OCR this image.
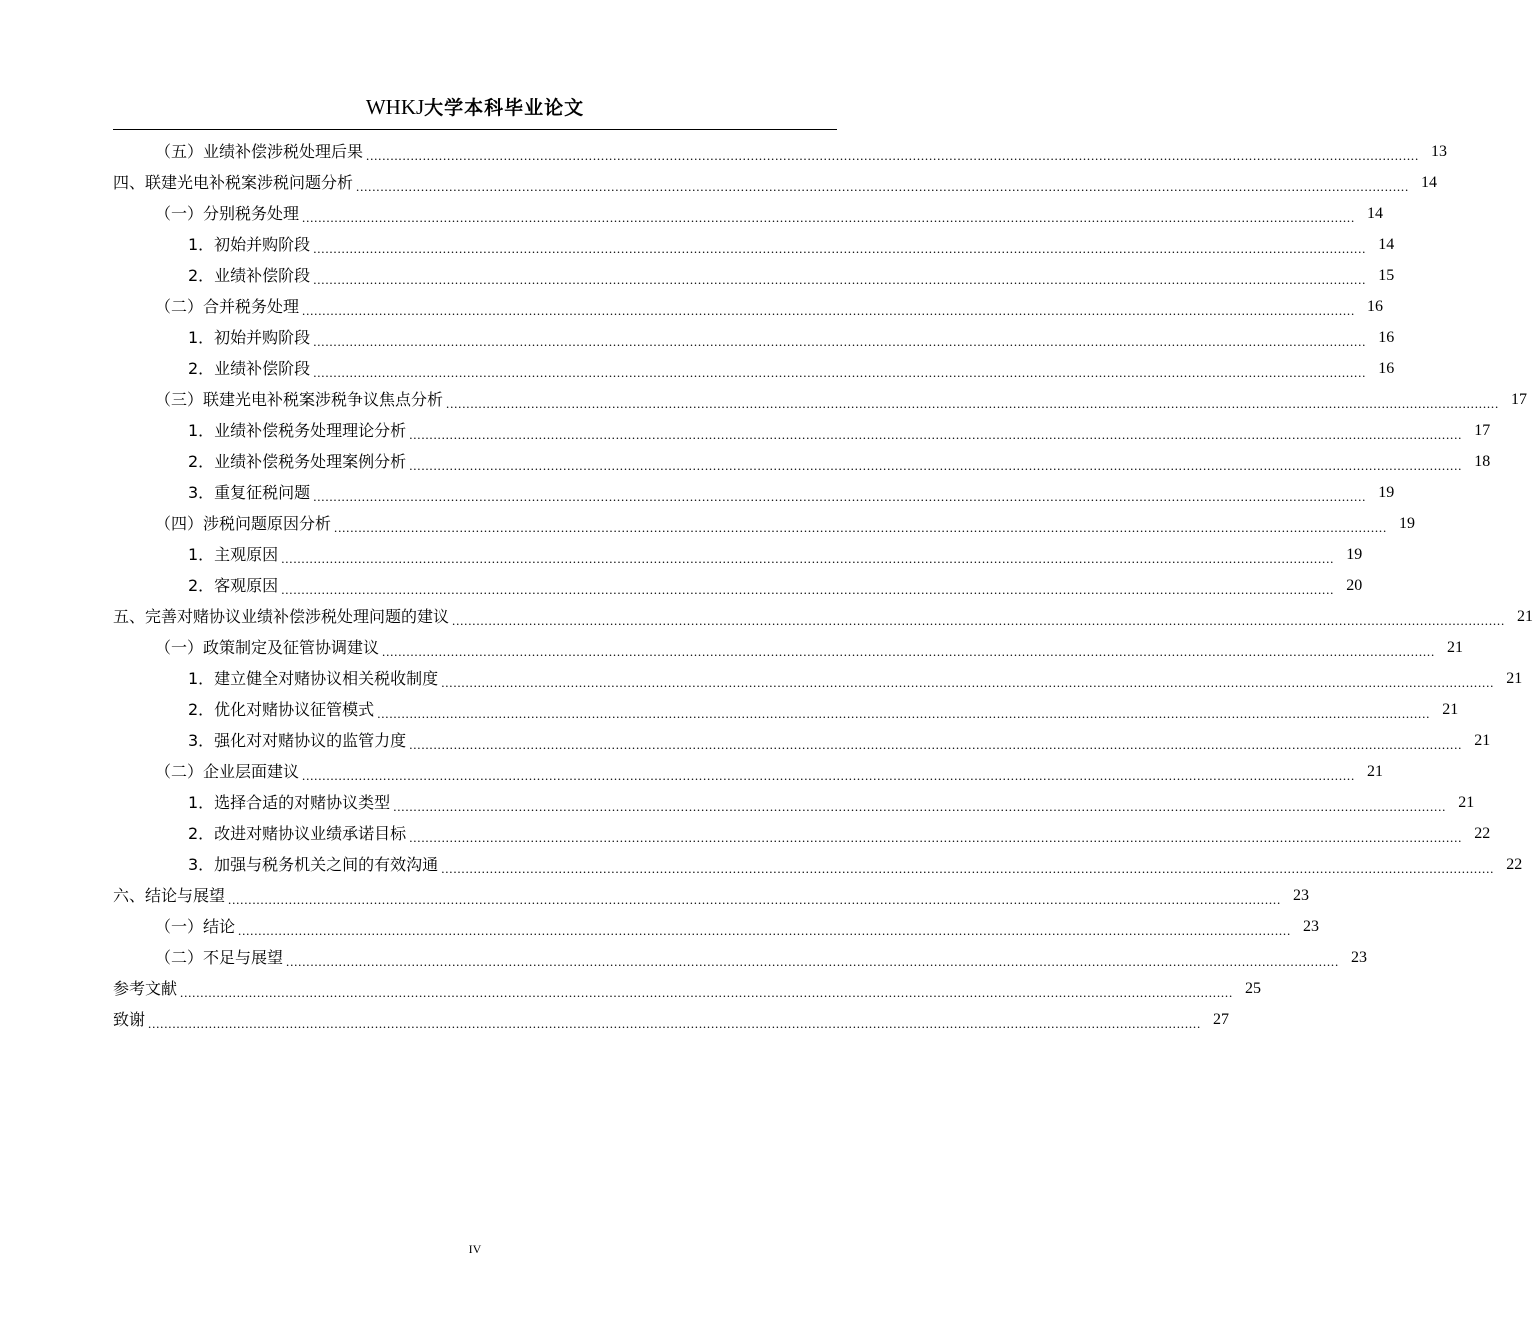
WHKJ大学本科毕业论文
（五）业绩补偿涉税处理后果 .................................................................................................................................................................................................................................................................... 13
四、联建光电补税案涉税问题分析 .................................................................................................................................................................................................................................................................... 14
（一）分别税务处理 .................................................................................................................................................................................................................................................................... 14
1．初始并购阶段 .................................................................................................................................................................................................................................................................... 14
2．业绩补偿阶段 .................................................................................................................................................................................................................................................................... 15
（二）合并税务处理 .................................................................................................................................................................................................................................................................... 16
1．初始并购阶段 .................................................................................................................................................................................................................................................................... 16
2．业绩补偿阶段 .................................................................................................................................................................................................................................................................... 16
（三）联建光电补税案涉税争议焦点分析 .................................................................................................................................................................................................................................................................... 17
1．业绩补偿税务处理理论分析 .................................................................................................................................................................................................................................................................... 17
2．业绩补偿税务处理案例分析 .................................................................................................................................................................................................................................................................... 18
3．重复征税问题 .................................................................................................................................................................................................................................................................... 19
（四）涉税问题原因分析 .................................................................................................................................................................................................................................................................... 19
1．主观原因 .................................................................................................................................................................................................................................................................... 19
2．客观原因 .................................................................................................................................................................................................................................................................... 20
五、完善对赌协议业绩补偿涉税处理问题的建议 .................................................................................................................................................................................................................................................................... 21
（一）政策制定及征管协调建议 .................................................................................................................................................................................................................................................................... 21
1．建立健全对赌协议相关税收制度 .................................................................................................................................................................................................................................................................... 21
2．优化对赌协议征管模式 .................................................................................................................................................................................................................................................................... 21
3．强化对对赌协议的监管力度 .................................................................................................................................................................................................................................................................... 21
（二）企业层面建议 .................................................................................................................................................................................................................................................................... 21
1．选择合适的对赌协议类型 .................................................................................................................................................................................................................................................................... 21
2．改进对赌协议业绩承诺目标 .................................................................................................................................................................................................................................................................... 22
3．加强与税务机关之间的有效沟通 .................................................................................................................................................................................................................................................................... 22
六、结论与展望 .................................................................................................................................................................................................................................................................... 23
（一）结论 .................................................................................................................................................................................................................................................................... 23
（二）不足与展望 .................................................................................................................................................................................................................................................................... 23
参考文献 .................................................................................................................................................................................................................................................................... 25
致谢 .................................................................................................................................................................................................................................................................... 27
IV
